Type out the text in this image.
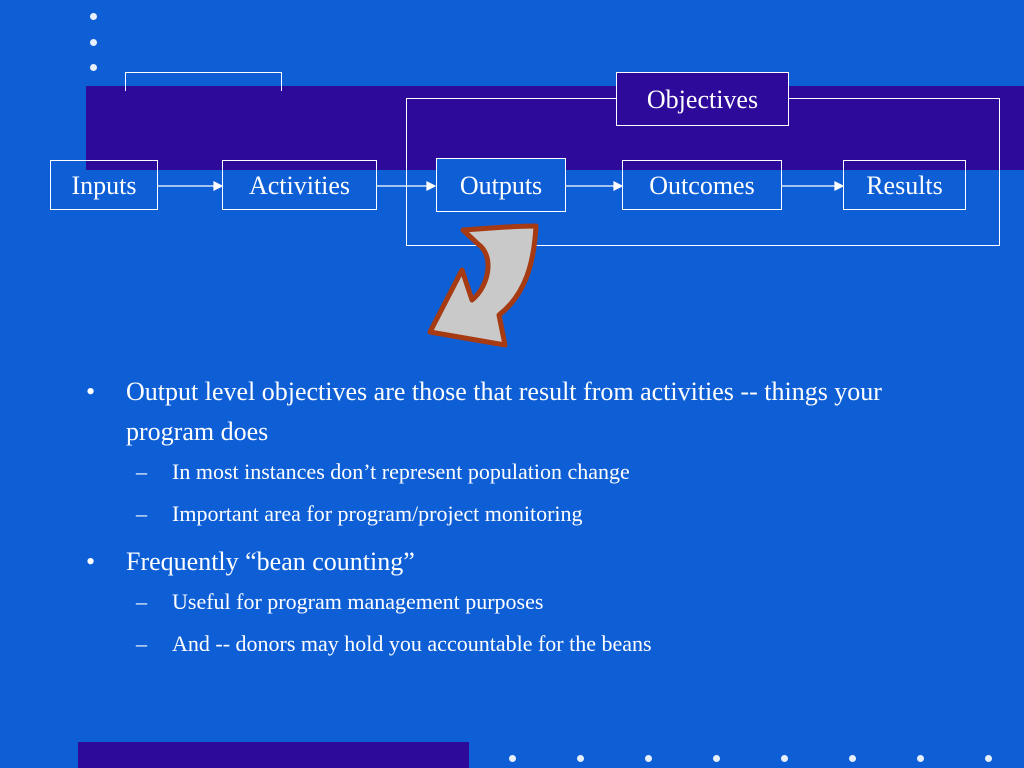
Objectives
Inputs	Activities	Outputs	Outcomes	Results
• Output level objectives are those that result from activities -- things your program does
– In most instances don’t represent population change
– Important area for program/project monitoring
• Frequently “bean counting”
– Useful for program management purposes
– And -- donors may hold you accountable for the beans
